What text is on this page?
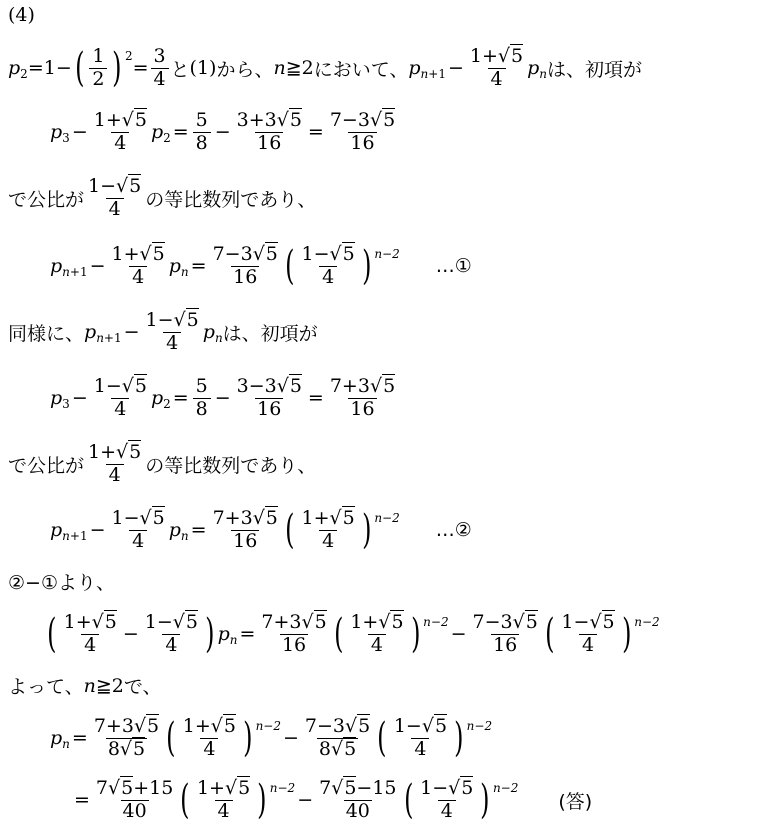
(4)
p 2 =1− ( $\frac{1}{2}$ ) 2
= $\frac{3}{4}$ と (1) から、 n ≧2 において、 p $n+1 - \frac{1+√5}{4}$ p n は、初項が
p $3 - \frac{1+√5}{4}$ p $2 = \frac{5}{8} - \frac{3+3√5}{16} = \frac{7-3√5}{16}$
で公比が $\frac{1-√5}{4}$ の等比数列であり、
p $n+1 - \frac{1+√5}{4}$ p $n = \frac{7-3√5}{16}$ ( $\frac{1-√5}{4}$ ) n−2
…①
同様に、 p $n+1 - \frac{1-√5}{4}$ p n は、初項が
p $3 - \frac{1-√5}{4}$ p $2 = \frac{5}{8} - \frac{3-3√5}{16} = \frac{7+3√5}{16}$
で公比が $\frac{1+√5}{4}$ の等比数列であり、
p $n+1 - \frac{1-√5}{4}$ p $n = \frac{7+3√5}{16}$ ( $\frac{1+√5}{4}$ ) n−2
…②
②−①より、
( $\frac{1+√5}{4} - \frac{1-√5}{4}$ ) p $n = \frac{7+3√5}{16}$ ( $\frac{1+√5}{4}$ ) n−2
− $\frac{7-3√5}{16}$ ( $\frac{1-√5}{4}$ ) n−2
よって、 n ≧2 で、
p $n = \frac{7+3√5}{8√5}$ ( $\frac{1+√5}{4}$ ) n−2
− $\frac{7-3√5}{8√5}$ ( $\frac{1-√5}{4}$ ) n−2
= $\frac{7√5+15}{40}$ ( $\frac{1+√5}{4}$ ) n−2
− $\frac{7√5-15}{40}$ ( $\frac{1-√5}{4}$ ) n−2
(答)
